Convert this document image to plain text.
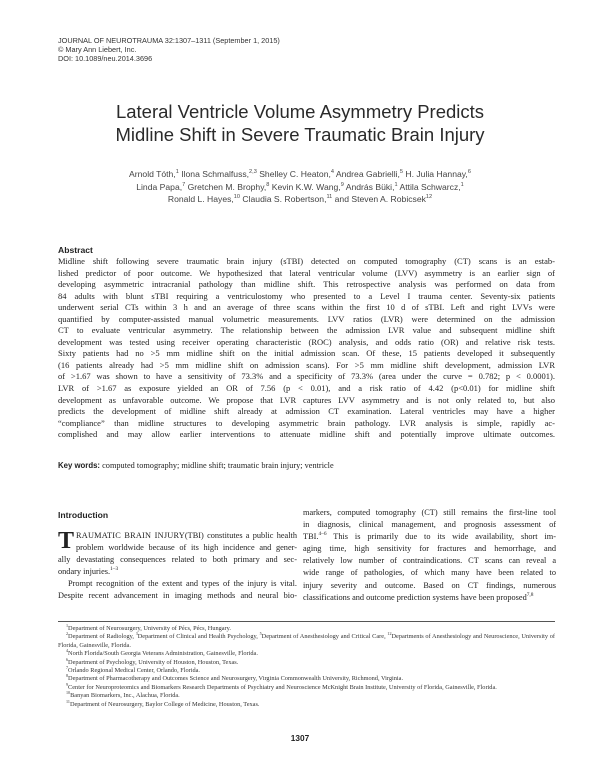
JOURNAL OF NEUROTRAUMA 32:1307–1311 (September 1, 2015)
© Mary Ann Liebert, Inc.
DOI: 10.1089/neu.2014.3696
Lateral Ventricle Volume Asymmetry Predicts
Midline Shift in Severe Traumatic Brain Injury
Arnold Tóth,$^1$ Ilona Schmalfuss,$^{2,3}$ Shelley C. Heaton,$^4$ Andrea Gabrielli,$^5$ H. Julia Hannay,$^6$
Linda Papa,$^7$ Gretchen M. Brophy,$^8$ Kevin K.W. Wang,$^9$ András Büki,$^1$ Attila Schwarcz,$^1$
Ronald L. Hayes,$^{10}$ Claudia S. Robertson,$^{11}$ and Steven A. Robicsek$^{12}$
Abstract
Midline shift following severe traumatic brain injury (sTBI) detected on computed tomography (CT) scans is an estab-
lished predictor of poor outcome. We hypothesized that lateral ventricular volume (LVV) asymmetry is an earlier sign of
developing asymmetric intracranial pathology than midline shift. This retrospective analysis was performed on data from
84 adults with blunt sTBI requiring a ventriculostomy who presented to a Level I trauma center. Seventy-six patients
underwent serial CTs within 3 h and an average of three scans within the first 10 d of sTBI. Left and right LVVs were
quantified by computer-assisted manual volumetric measurements. LVV ratios (LVR) were determined on the admission
CT to evaluate ventricular asymmetry. The relationship between the admission LVR value and subsequent midline shift
development was tested using receiver operating characteristic (ROC) analysis, and odds ratio (OR) and relative risk tests.
Sixty patients had no >5 mm midline shift on the initial admission scan. Of these, 15 patients developed it subsequently
(16 patients already had >5 mm midline shift on admission scans). For >5 mm midline shift development, admission LVR
of >1.67 was shown to have a sensitivity of 73.3% and a specificity of 73.3% (area under the curve = 0.782; p < 0.0001).
LVR of >1.67 as exposure yielded an OR of 7.56 (p < 0.01), and a risk ratio of 4.42 (p<0.01) for midline shift
development as unfavorable outcome. We propose that LVR captures LVV asymmetry and is not only related to, but also
predicts the development of midline shift already at admission CT examination. Lateral ventricles may have a higher
“compliance” than midline structures to developing asymmetric brain pathology. LVR analysis is simple, rapidly ac-
complished and may allow earlier interventions to attenuate midline shift and potentially improve ultimate outcomes.
Key words: computed tomography; midline shift; traumatic brain injury; ventricle
Introduction
T RAUMATIC BRAIN INJURY(TBI) constitutes a public health
problem worldwide because of its high incidence and gener-
ally devastating consequences related to both primary and sec-
ondary injuries.$^{1-3}$
Prompt recognition of the extent and types of the injury is vital.
Despite recent advancement in imaging methods and neural bio-
markers, computed tomography (CT) still remains the first-line tool
in diagnosis, clinical management, and prognosis assessment of
TBI.$^{4-6}$ This is primarily due to its wide availability, short im-
aging time, high sensitivity for fractures and hemorrhage, and
relatively low number of contraindications. CT scans can reveal a
wide range of pathologies, of which many have been related to
injury severity and outcome. Based on CT findings, numerous
classifications and outcome prediction systems have been proposed$^{7,8}$

$^1$Department of Neurosurgery, University of Pécs, Pécs, Hungary.

$^2$Department of Radiology, $^3$Department of Clinical and Health Psychology, $^5$Department of Anesthesiology and Critical Care, $^{12}$Departments of Anesthesiology and Neuroscience, University of Florida, Gainesville, Florida.

$^4$North Florida/South Georgia Veterans Administration, Gainesville, Florida.

$^6$Department of Psychology, University of Houston, Houston, Texas.

$^7$Orlando Regional Medical Center, Orlando, Florida.

$^8$Department of Pharmacotherapy and Outcomes Science and Neurosurgery, Virginia Commonwealth University, Richmond, Virginia.

$^9$Center for Neuroproteomics and Biomarkers Research Departments of Psychiatry and Neuroscience McKnight Brain Institute, University of Florida, Gainesville, Florida.

$^{10}$Banyan Biomarkers, Inc., Alachua, Florida.

$^{11}$Department of Neurosurgery, Baylor College of Medicine, Houston, Texas.

1307
